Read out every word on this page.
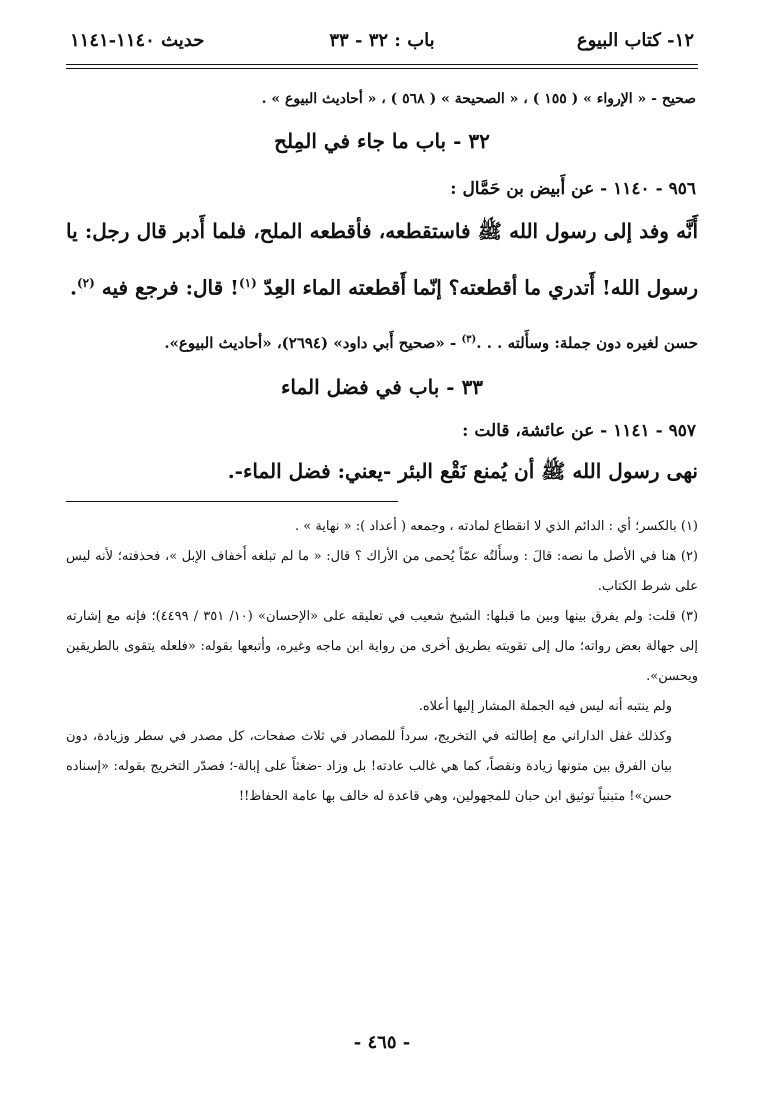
١٢- كتاب البيوع
باب : ٣٢ - ٣٣
حديث ١١٤٠-١١٤١
صحيح - « الإرواء » ( ١٥٥ ) ، « الصحيحة » ( ٥٦٨ ) ، « أحاديث البيوع » .
٣٢ - باب ما جاء في المِلح
٩٥٦ - ١١٤٠ - عن أَبيض بن حَمَّال :
أَنَّه وفد إلى رسول الله ﷺ فاستقطعه، فأقطعه الملح، فلما أَدبر قال رجل: يا رسول الله! أَتدري ما أقطعته؟ إنّما أَقطعته الماء العِدّ $^{(١)}$! قال: فرجع فيه $^{(٢)}$.
حسن لغيره دون جملة: وسأَلته . . .$^{(٣)}$ - «صحيح أَبي داود» (٢٦٩٤)، «أحاديث البيوع».
٣٣ - باب في فضل الماء
٩٥٧ - ١١٤١ - عن عائشة، قالت :
نهى رسول الله ﷺ أن يُمنع نَقْع البئر -يعني: فضل الماء-.

(١) بالكسر؛ أي : الدائم الذي لا انقطاع لمادته ، وجمعه ( أعداد ): « نهاية » .

(٢) هنا في الأصل ما نصه: قالَ : وسأَلتُه عمّاً يُحمى من الأراك ؟ قال: « ما لم تبلغه أَخفاف الإبل »، فحذفته؛ لأنه ليس على شرط الكتاب.

(٣) قلت: ولم يفرق بينها وبين ما قبلها: الشيخ شعيب في تعليقه على «الإحسان» (١٠/ ٣٥١ / ٤٤٩٩)؛ فإنه مع إشارته إلى جهالة بعض رواته؛ مال إلى تقويته بطريق أخرى من رواية ابن ماجه وغيره، وأتبعها بقوله: «فلعله يتقوى بالطريقين ويحسن».

ولم ينتبه أنه ليس فيه الجملة المشار إليها أعلاه.

وكذلك غفل الداراني مع إطالته في التخريج، سرداً للمصادر في ثلاث صفحات، كل مصدر في سطر وزيادة، دون بيان الفرق بين متونها زيادة ونقصاً، كما هي غالب عادته! بل وزاد -ضغثاً على إبالة-؛ فصدّر التخريج بقوله: «إسناده حسن»! متبنياً توثيق ابن حبان للمجهولين، وهي قاعدة له خالف بها عامة الحفاظ!!

- ٤٦٥ -
